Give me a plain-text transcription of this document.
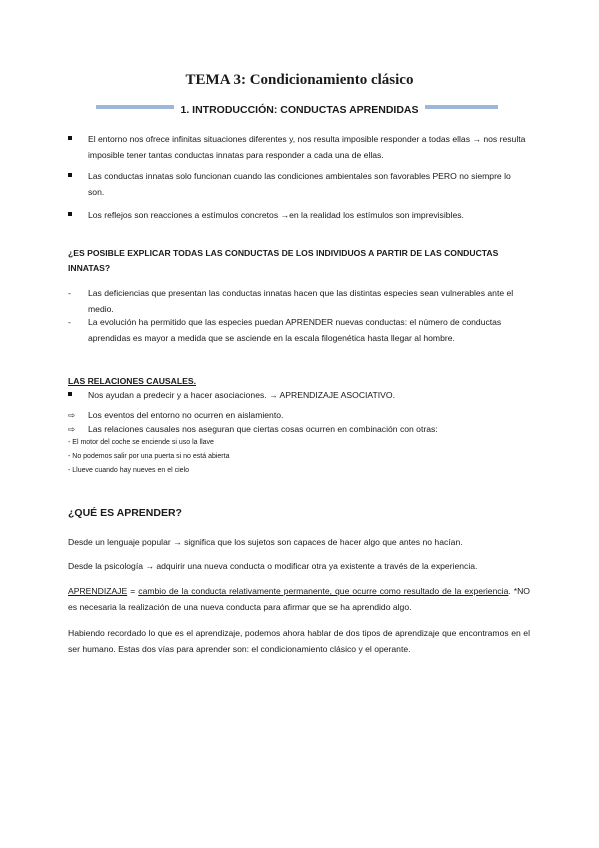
TEMA 3: Condicionamiento clásico
1. INTRODUCCIÓN: CONDUCTAS APRENDIDAS
El entorno nos ofrece infinitas situaciones diferentes y, nos resulta imposible responder a todas ellas → nos resulta imposible tener tantas conductas innatas para responder a cada una de ellas.
Las conductas innatas solo funcionan cuando las condiciones ambientales son favorables PERO no siempre lo son.
Los reflejos son reacciones a estímulos concretos →en la realidad los estímulos son imprevisibles.
¿ES POSIBLE EXPLICAR TODAS LAS CONDUCTAS DE LOS INDIVIDUOS A PARTIR DE LAS CONDUCTAS INNATAS?
- Las deficiencias que presentan las conductas innatas hacen que las distintas especies sean vulnerables ante el medio.
- La evolución ha permitido que las especies puedan APRENDER nuevas conductas: el número de conductas aprendidas es mayor a medida que se asciende en la escala filogenética hasta llegar al hombre.
LAS RELACIONES CAUSALES.
Nos ayudan a predecir y a hacer asociaciones. → APRENDIZAJE ASOCIATIVO.
⇨ Los eventos del entorno no ocurren en aislamiento.
⇨ Las relaciones causales nos aseguran que ciertas cosas ocurren en combinación con otras:
- El motor del coche se enciende si uso la llave
- No podemos salir por una puerta si no está abierta
- Llueve cuando hay nueves en el cielo
¿QUÉ ES APRENDER?
Desde un lenguaje popular → significa que los sujetos son capaces de hacer algo que antes no hacían.
Desde la psicología → adquirir una nueva conducta o modificar otra ya existente a través de la experiencia.
APRENDIZAJE = cambio de la conducta relativamente permanente, que ocurre como resultado de la experiencia. *NO es necesaria la realización de una nueva conducta para afirmar que se ha aprendido algo.
Habiendo recordado lo que es el aprendizaje, podemos ahora hablar de dos tipos de aprendizaje que encontramos en el ser humano. Estas dos vías para aprender son: el condicionamiento clásico y el operante.
